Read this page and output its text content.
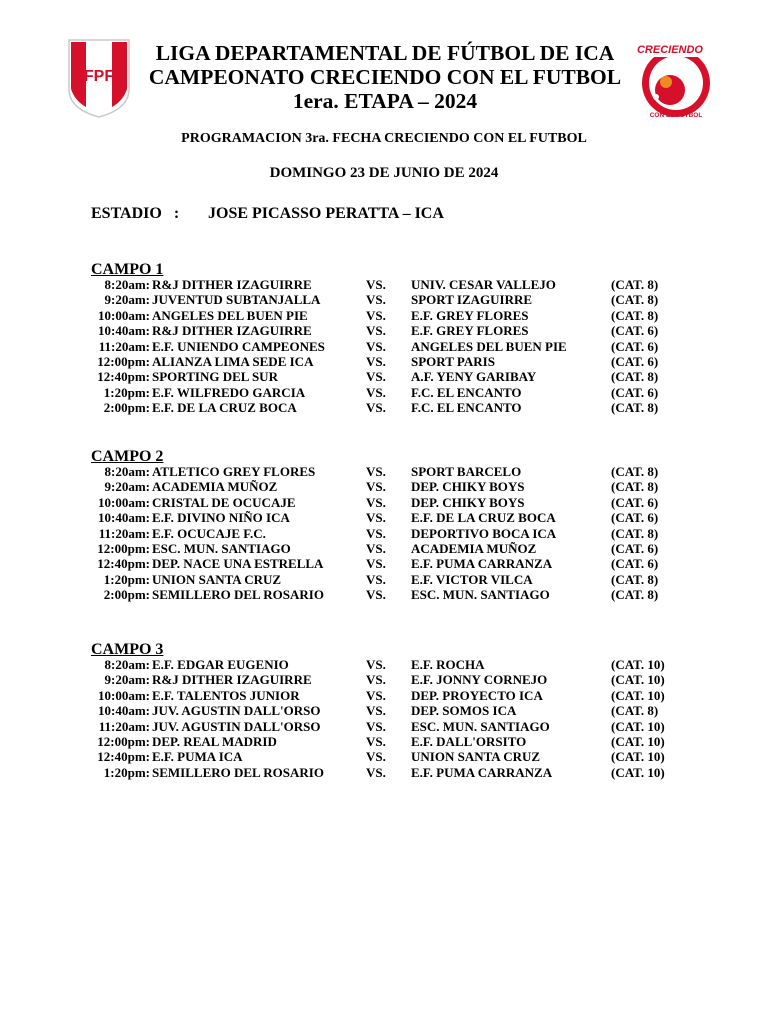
FPF
CRECIENDO
CON EL FUTBOL
LIGA DEPARTAMENTAL DE FÚTBOL DE ICA
CAMPEONATO CRECIENDO CON EL FUTBOL
1era. ETAPA – 2024
PROGRAMACION 3ra. FECHA CRECIENDO CON EL FUTBOL
DOMINGO 23 DE JUNIO DE 2024
ESTADIO   : JOSE PICASSO PERATTA – ICA
CAMPO 1
8:20am: R&J DITHER IZAGUIRRE	VS. UNIV. CESAR VALLEJO	(CAT. 8)
9:20am: JUVENTUD SUBTANJALLA	VS. SPORT IZAGUIRRE	(CAT. 8)
10:00am: ANGELES DEL BUEN PIE	VS. E.F. GREY FLORES	(CAT. 8)
10:40am: R&J DITHER IZAGUIRRE	VS. E.F. GREY FLORES	(CAT. 6)
11:20am: E.F. UNIENDO CAMPEONES	VS. ANGELES DEL BUEN PIE	(CAT. 6)
12:00pm: ALIANZA LIMA SEDE ICA	VS. SPORT PARIS	(CAT. 6)
12:40pm: SPORTING DEL SUR	VS. A.F. YENY GARIBAY	(CAT. 8)
1:20pm: E.F. WILFREDO GARCIA	VS. F.C. EL ENCANTO	(CAT. 6)
2:00pm: E.F. DE LA CRUZ BOCA	VS. F.C. EL ENCANTO	(CAT. 8)
CAMPO 2
8:20am: ATLETICO GREY FLORES	VS. SPORT BARCELO	(CAT. 8)
9:20am: ACADEMIA MUÑOZ	VS. DEP. CHIKY BOYS	(CAT. 8)
10:00am: CRISTAL DE OCUCAJE	VS. DEP. CHIKY BOYS	(CAT. 6)
10:40am: E.F. DIVINO NIÑO ICA	VS. E.F. DE LA CRUZ BOCA	(CAT. 6)
11:20am: E.F. OCUCAJE F.C.	VS. DEPORTIVO BOCA ICA	(CAT. 8)
12:00pm: ESC. MUN. SANTIAGO	VS. ACADEMIA MUÑOZ	(CAT. 6)
12:40pm: DEP. NACE UNA ESTRELLA	VS. E.F. PUMA CARRANZA	(CAT. 6)
1:20pm: UNION SANTA CRUZ	VS. E.F. VICTOR VILCA	(CAT. 8)
2:00pm: SEMILLERO DEL ROSARIO	VS. ESC. MUN. SANTIAGO	(CAT. 8)
CAMPO 3
8:20am: E.F. EDGAR EUGENIO	VS. E.F. ROCHA	(CAT. 10)
9:20am: R&J DITHER IZAGUIRRE	VS. E.F. JONNY CORNEJO	(CAT. 10)
10:00am: E.F. TALENTOS JUNIOR	VS. DEP. PROYECTO ICA	(CAT. 10)
10:40am: JUV. AGUSTIN DALL'ORSO	VS. DEP. SOMOS ICA	(CAT. 8)
11:20am: JUV. AGUSTIN DALL'ORSO	VS. ESC. MUN. SANTIAGO	(CAT. 10)
12:00pm: DEP. REAL MADRID	VS. E.F. DALL'ORSITO	(CAT. 10)
12:40pm: E.F. PUMA ICA	VS. UNION SANTA CRUZ	(CAT. 10)
1:20pm: SEMILLERO DEL ROSARIO	VS. E.F. PUMA CARRANZA	(CAT. 10)
